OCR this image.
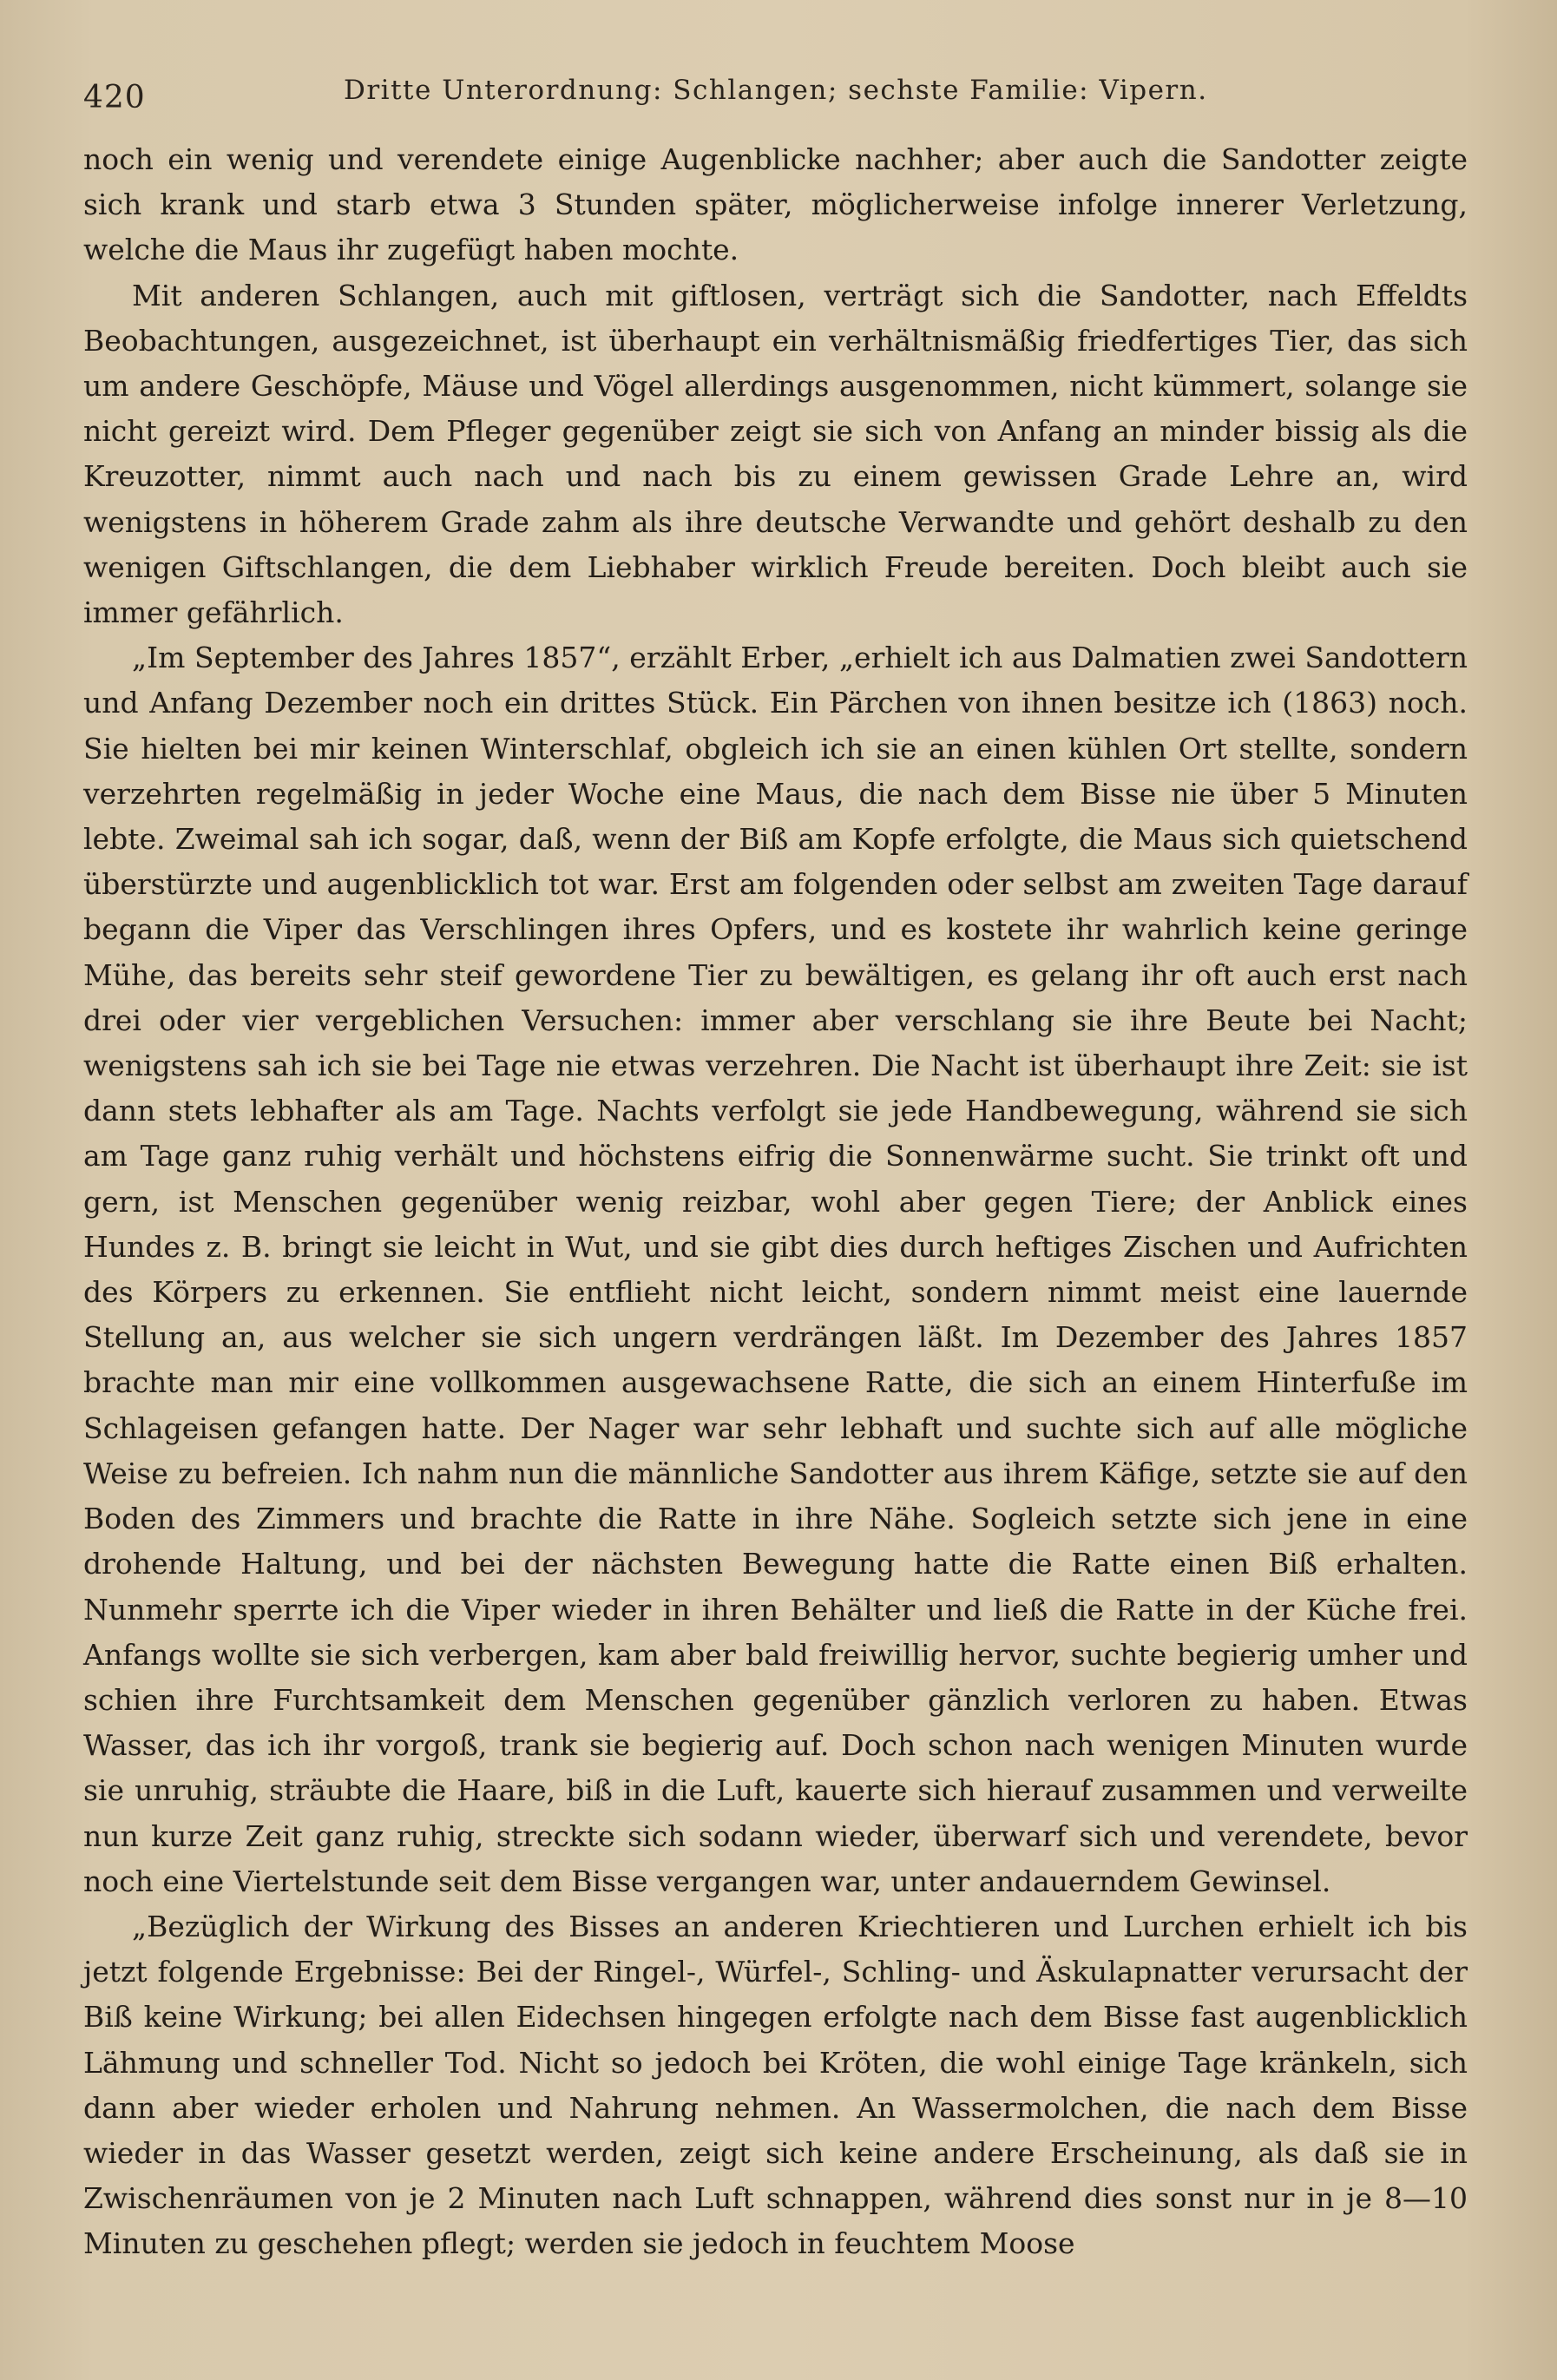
420	Dritte Unterordnung: Schlangen; sechste Familie: Vipern.

noch ein wenig und verendete einige Augenblicke nachher; aber auch die Sandotter zeigte sich krank und starb etwa 3 Stunden später, möglicherweise infolge innerer Verletzung, welche die Maus ihr zugefügt haben mochte.

Mit anderen Schlangen, auch mit giftlosen, verträgt sich die Sandotter, nach Effeldts Beobachtungen, ausgezeichnet, ist überhaupt ein verhältnismäßig friedfertiges Tier, das sich um andere Geschöpfe, Mäuse und Vögel allerdings ausgenommen, nicht kümmert, solange sie nicht gereizt wird. Dem Pfleger gegenüber zeigt sie sich von Anfang an minder bissig als die Kreuzotter, nimmt auch nach und nach bis zu einem gewissen Grade Lehre an, wird wenigstens in höherem Grade zahm als ihre deutsche Verwandte und gehört deshalb zu den wenigen Giftschlangen, die dem Liebhaber wirklich Freude bereiten. Doch bleibt auch sie immer gefährlich.

„Im September des Jahres 1857“, erzählt Erber, „erhielt ich aus Dalmatien zwei Sandottern und Anfang Dezember noch ein drittes Stück. Ein Pärchen von ihnen besitze ich (1863) noch. Sie hielten bei mir keinen Winterschlaf, obgleich ich sie an einen kühlen Ort stellte, sondern verzehrten regelmäßig in jeder Woche eine Maus, die nach dem Bisse nie über 5 Minuten lebte. Zweimal sah ich sogar, daß, wenn der Biß am Kopfe erfolgte, die Maus sich quietschend überstürzte und augenblicklich tot war. Erst am folgenden oder selbst am zweiten Tage darauf begann die Viper das Verschlingen ihres Opfers, und es kostete ihr wahrlich keine geringe Mühe, das bereits sehr steif gewordene Tier zu bewältigen, es gelang ihr oft auch erst nach drei oder vier vergeblichen Versuchen: immer aber verschlang sie ihre Beute bei Nacht; wenigstens sah ich sie bei Tage nie etwas verzehren. Die Nacht ist überhaupt ihre Zeit: sie ist dann stets lebhafter als am Tage. Nachts verfolgt sie jede Handbewegung, während sie sich am Tage ganz ruhig verhält und höchstens eifrig die Sonnenwärme sucht. Sie trinkt oft und gern, ist Menschen gegenüber wenig reizbar, wohl aber gegen Tiere; der Anblick eines Hundes z. B. bringt sie leicht in Wut, und sie gibt dies durch heftiges Zischen und Aufrichten des Körpers zu erkennen. Sie entflieht nicht leicht, sondern nimmt meist eine lauernde Stellung an, aus welcher sie sich ungern verdrängen läßt. Im Dezember des Jahres 1857 brachte man mir eine vollkommen ausgewachsene Ratte, die sich an einem Hinterfuße im Schlageisen gefangen hatte. Der Nager war sehr lebhaft und suchte sich auf alle mögliche Weise zu befreien. Ich nahm nun die männliche Sandotter aus ihrem Käfige, setzte sie auf den Boden des Zimmers und brachte die Ratte in ihre Nähe. Sogleich setzte sich jene in eine drohende Haltung, und bei der nächsten Bewegung hatte die Ratte einen Biß erhalten. Nunmehr sperrte ich die Viper wieder in ihren Behälter und ließ die Ratte in der Küche frei. Anfangs wollte sie sich verbergen, kam aber bald freiwillig hervor, suchte begierig umher und schien ihre Furchtsamkeit dem Menschen gegenüber gänzlich verloren zu haben. Etwas Wasser, das ich ihr vorgoß, trank sie begierig auf. Doch schon nach wenigen Minuten wurde sie unruhig, sträubte die Haare, biß in die Luft, kauerte sich hierauf zusammen und verweilte nun kurze Zeit ganz ruhig, streckte sich sodann wieder, überwarf sich und verendete, bevor noch eine Viertelstunde seit dem Bisse vergangen war, unter andauerndem Gewinsel.

„Bezüglich der Wirkung des Bisses an anderen Kriechtieren und Lurchen erhielt ich bis jetzt folgende Ergebnisse: Bei der Ringel-, Würfel-, Schling- und Äskulapnatter verursacht der Biß keine Wirkung; bei allen Eidechsen hingegen erfolgte nach dem Bisse fast augenblicklich Lähmung und schneller Tod. Nicht so jedoch bei Kröten, die wohl einige Tage kränkeln, sich dann aber wieder erholen und Nahrung nehmen. An Wassermolchen, die nach dem Bisse wieder in das Wasser gesetzt werden, zeigt sich keine andere Erscheinung, als daß sie in Zwischenräumen von je 2 Minuten nach Luft schnappen, während dies sonst nur in je 8—10 Minuten zu geschehen pflegt; werden sie jedoch in feuchtem Moose
